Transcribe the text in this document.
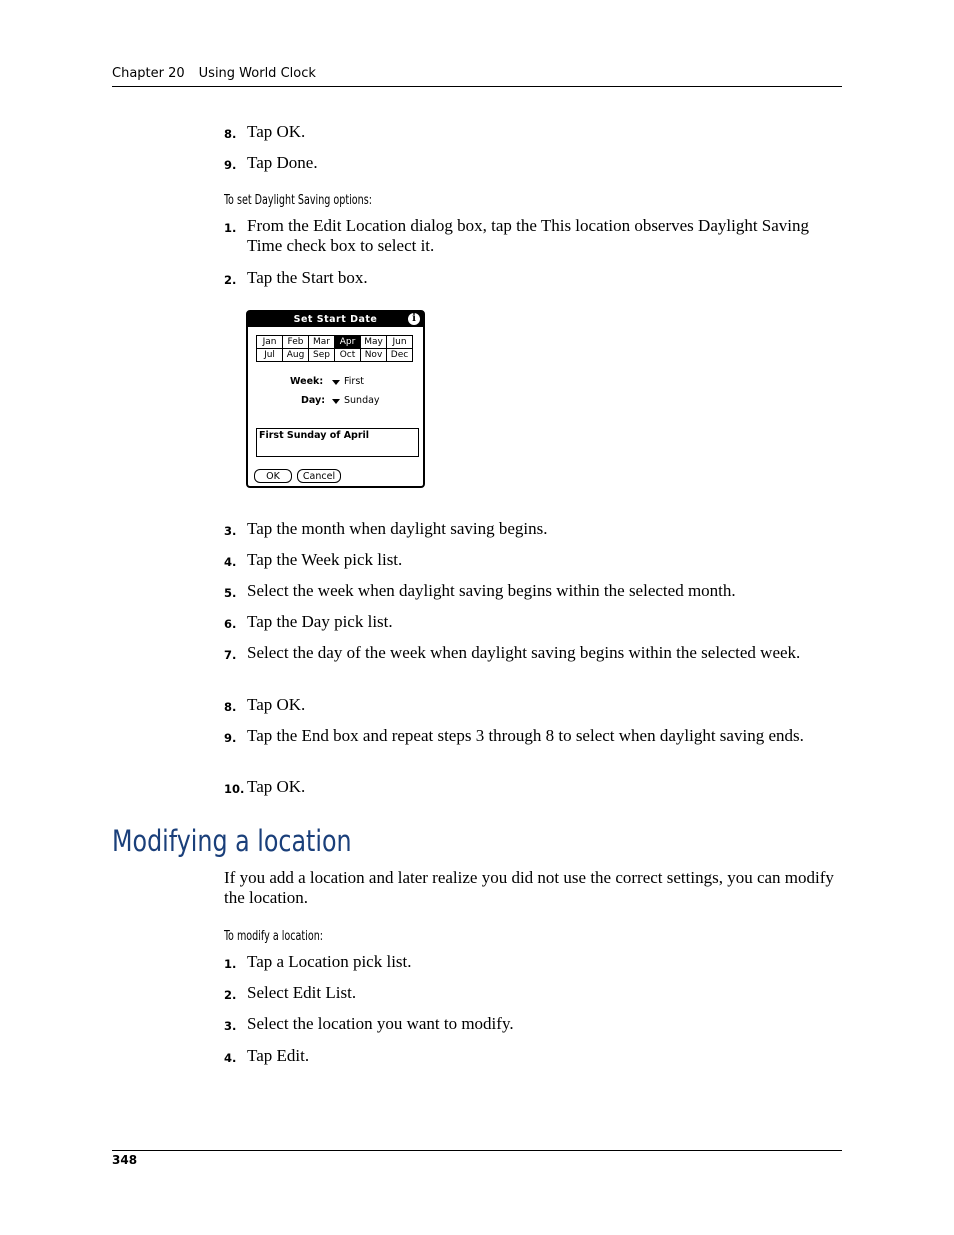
Chapter 20 Using World Clock
8. Tap OK.
9. Tap Done.
To set Daylight Saving options:
1. From the Edit Location dialog box, tap the This location observes Daylight Saving Time check box to select it.
2. Tap the Start box.
Set Start Date	i
Jan	Feb	Mar	Apr	May	Jun
Jul	Aug	Sep	Oct	Nov	Dec
Week: First
Day: Sunday
First Sunday of April
OK	Cancel
3. Tap the month when daylight saving begins.
4. Tap the Week pick list.
5. Select the week when daylight saving begins within the selected month.
6. Tap the Day pick list.
7. Select the day of the week when daylight saving begins within the selected week.
8. Tap OK.
9. Tap the End box and repeat steps 3 through 8 to select when daylight saving ends.
10. Tap OK.
Modifying a location
If you add a location and later realize you did not use the correct settings, you can modify the location.
To modify a location:
1. Tap a Location pick list.
2. Select Edit List.
3. Select the location you want to modify.
4. Tap Edit.
348
